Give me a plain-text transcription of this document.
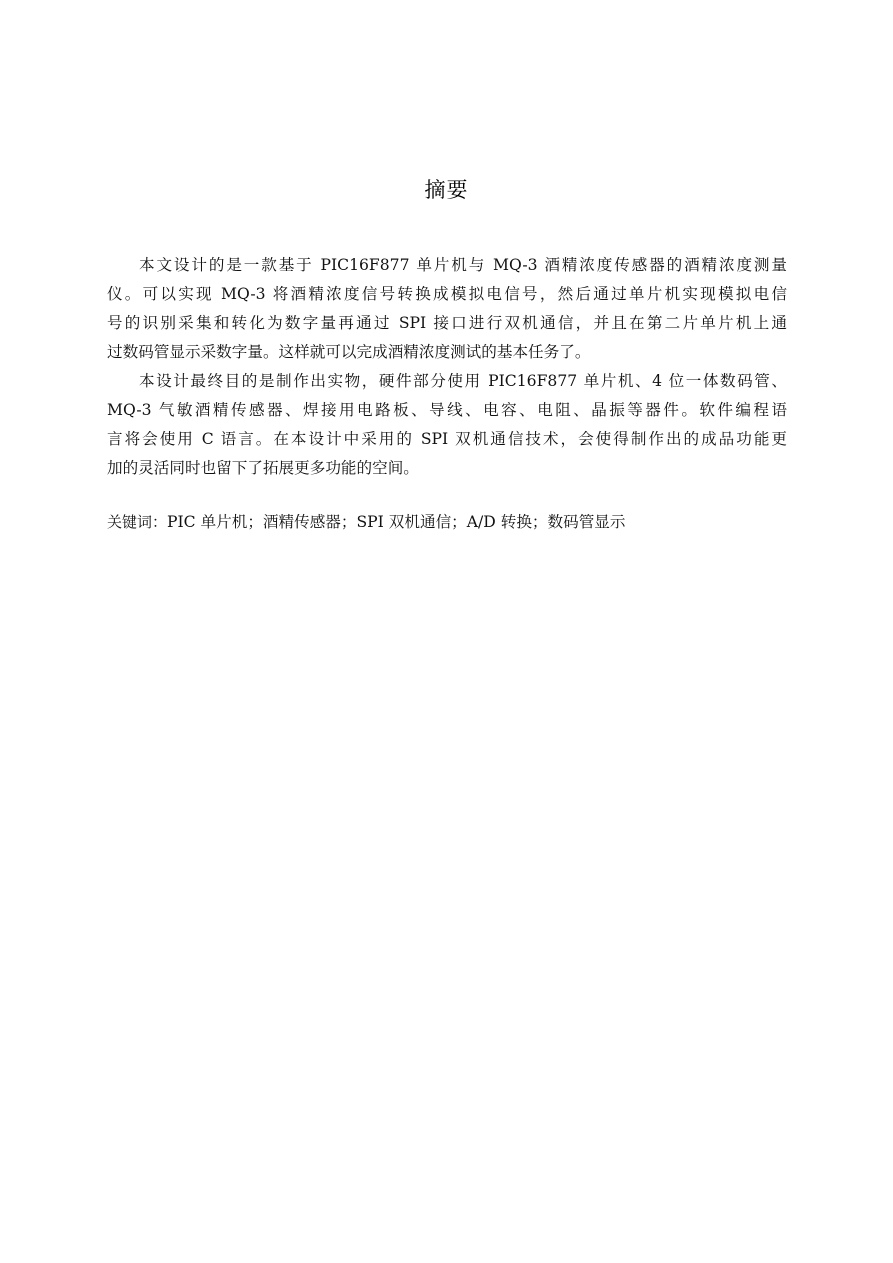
摘要
本文设计的是一款基于 PIC16F877 单片机与 MQ-3 酒精浓度传感器的酒精浓度测量
仪。可以实现 MQ-3 将酒精浓度信号转换成模拟电信号，然后通过单片机实现模拟电信
号的识别采集和转化为数字量再通过 SPI 接口进行双机通信，并且在第二片单片机上通
过数码管显示采数字量。这样就可以完成酒精浓度测试的基本任务了。
本设计最终目的是制作出实物，硬件部分使用 PIC16F877 单片机、4 位一体数码管、
MQ-3 气敏酒精传感器、焊接用电路板、导线、电容、电阻、晶振等器件。软件编程语
言将会使用 C 语言。在本设计中采用的 SPI 双机通信技术，会使得制作出的成品功能更
加的灵活同时也留下了拓展更多功能的空间。
关键词：PIC 单片机；酒精传感器；SPI 双机通信；A/D 转换；数码管显示
